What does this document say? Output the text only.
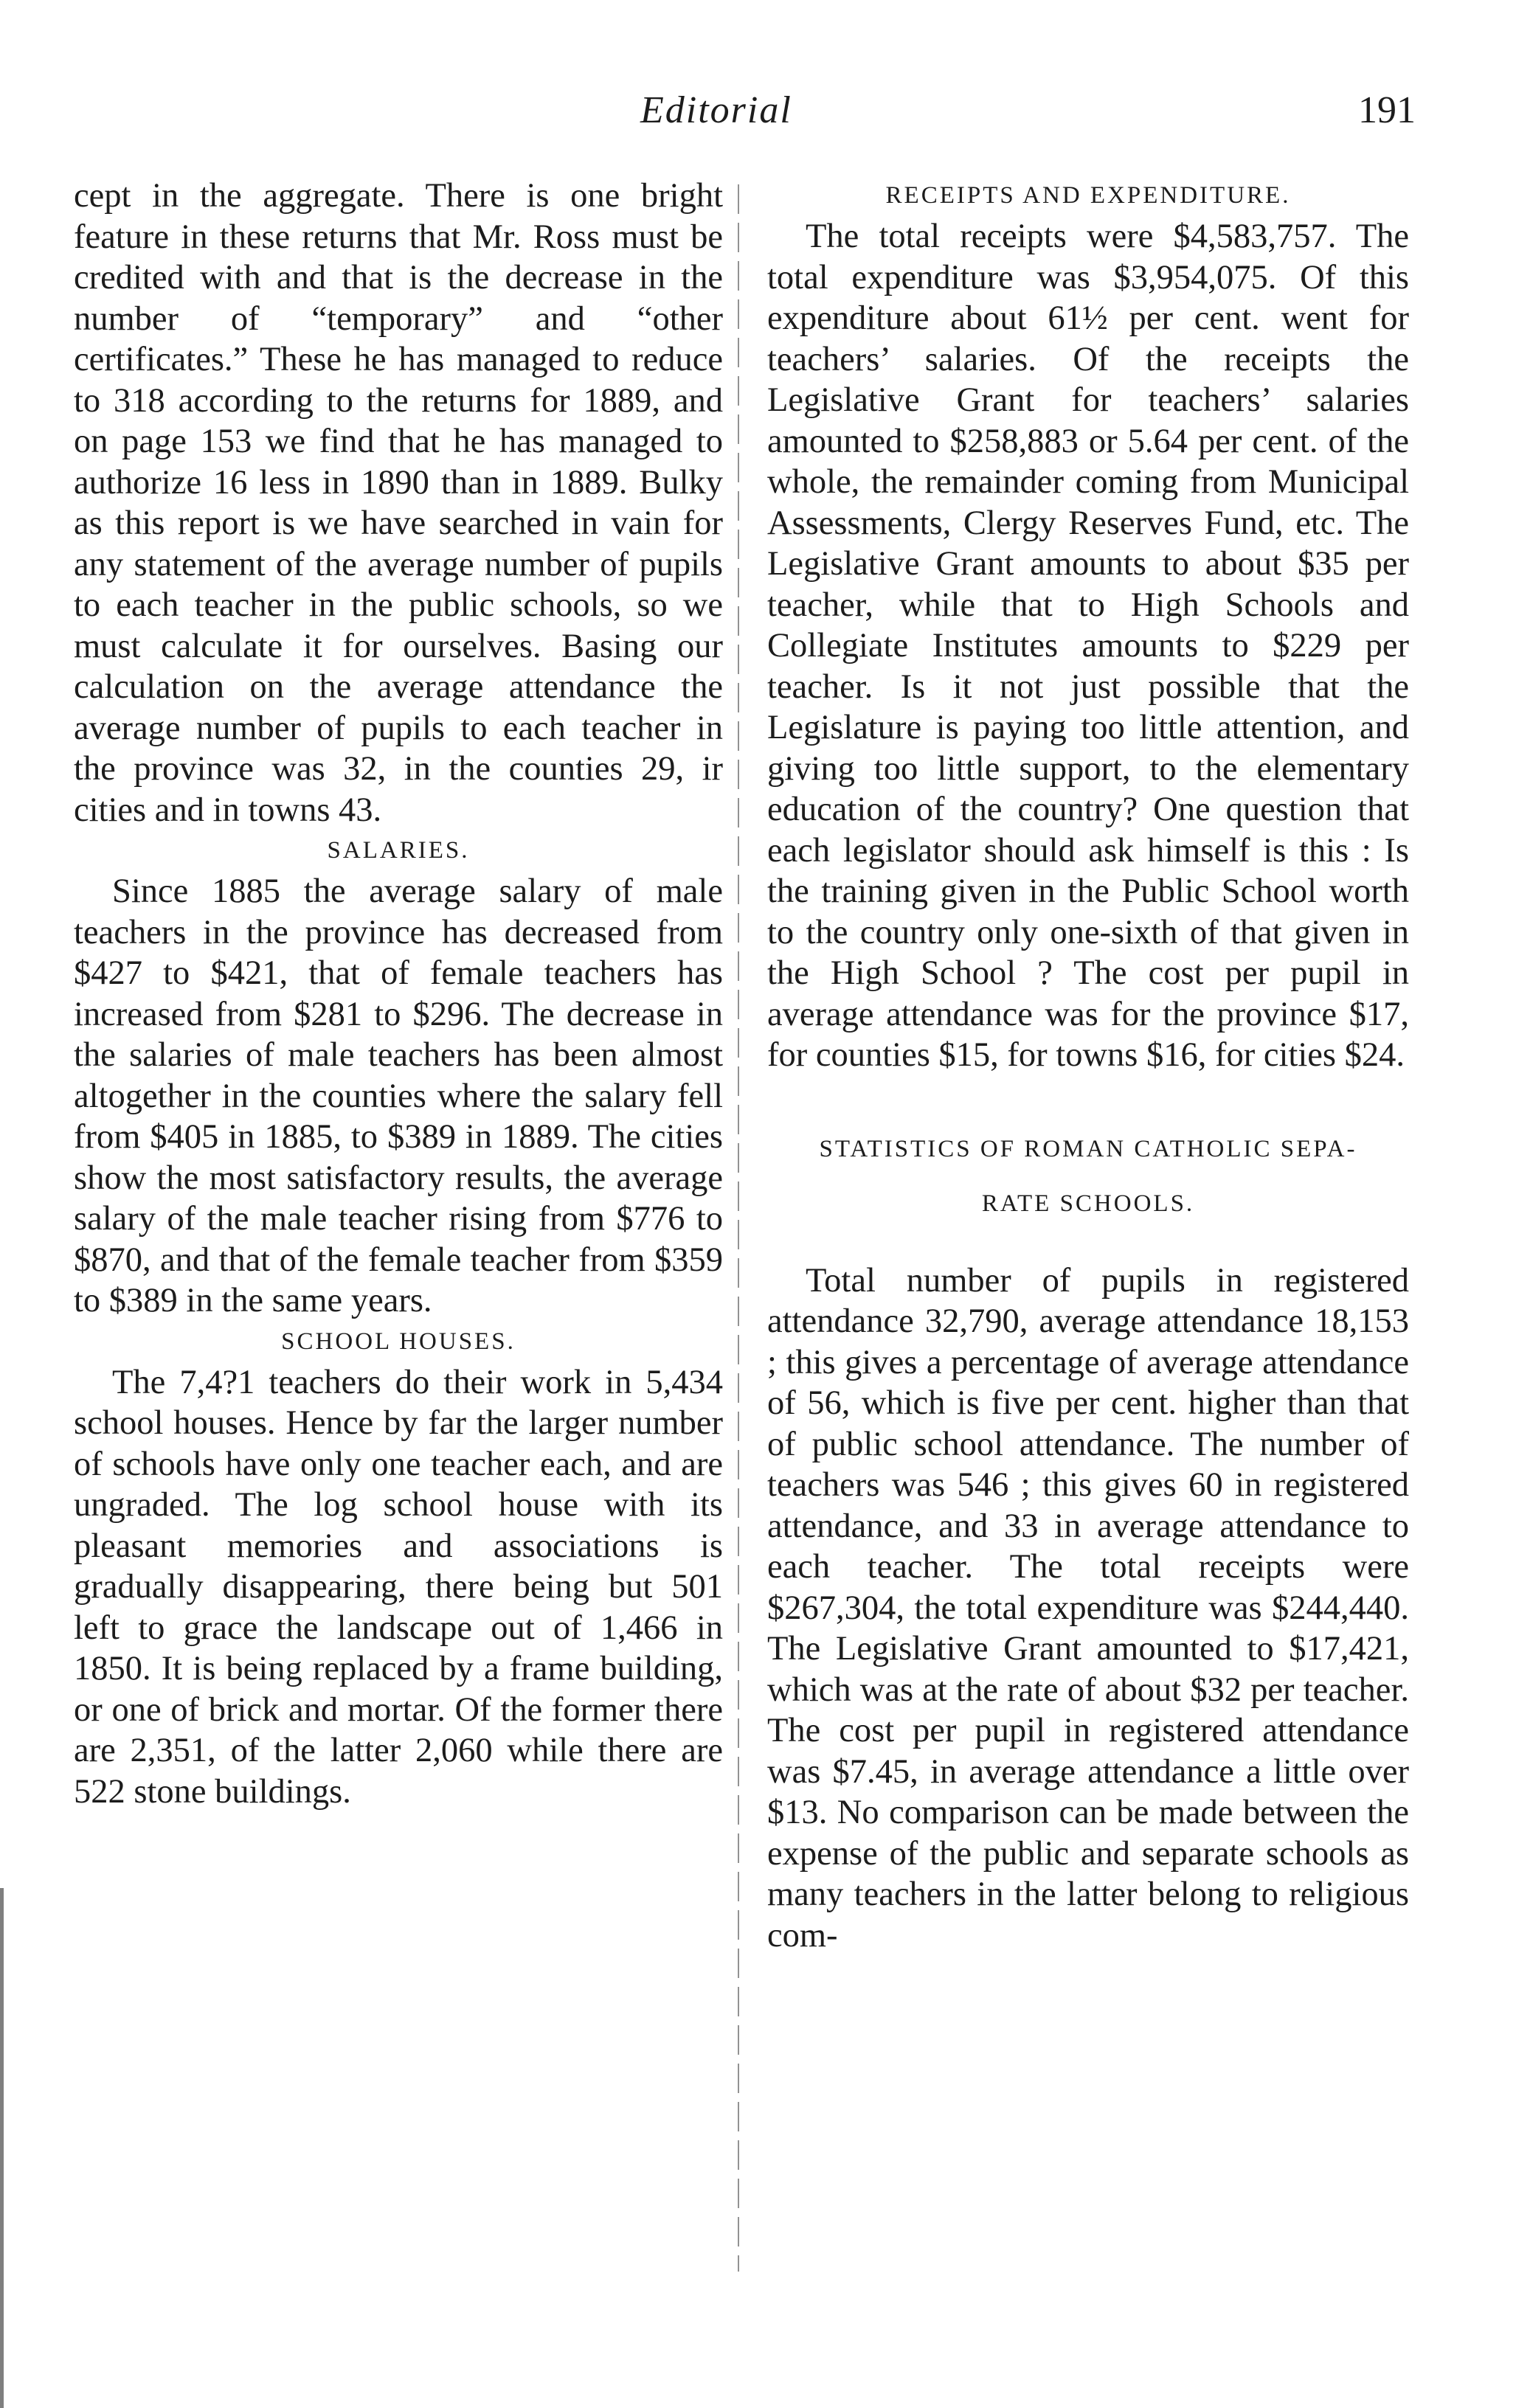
Editorial	191

cept in the aggregate. There is one bright feature in these returns that Mr. Ross must be credited with and that is the decrease in the number of “temporary” and “other certificates.” These he has managed to reduce to 318 according to the returns for 1889, and on page 153 we find that he has managed to authorize 16 less in 1890 than in 1889. Bulky as this report is we have searched in vain for any statement of the average number of pupils to each teacher in the public schools, so we must calculate it for ourselves. Basing our calculation on the average attendance the average number of pupils to each teacher in the province was 32, in the counties 29, ir cities and in towns 43.

SALARIES.

Since 1885 the average salary of male teachers in the province has decreased from $427 to $421, that of female teachers has increased from $281 to $296. The decrease in the salaries of male teachers has been almost altogether in the counties where the salary fell from $405 in 1885, to $389 in 1889. The cities show the most satisfactory results, the average salary of the male teacher rising from $776 to $870, and that of the female teacher from $359 to $389 in the same years.

SCHOOL HOUSES.

The 7,4?1 teachers do their work in 5,434 school houses. Hence by far the larger number of schools have only one teacher each, and are ungraded. The log school house with its pleasant memories and associations is gradually disappearing, there being but 501 left to grace the landscape out of 1,466 in 1850. It is being replaced by a frame building, or one of brick and mortar. Of the former there are 2,351, of the latter 2,060 while there are 522 stone buildings.

RECEIPTS AND EXPENDITURE.

The total receipts were $4,583,757. The total expenditure was $3,954,075. Of this expenditure about 61½ per cent. went for teachers’ salaries. Of the receipts the Legislative Grant for teachers’ salaries amounted to $258,883 or 5.64 per cent. of the whole, the remainder coming from Municipal Assessments, Clergy Reserves Fund, etc. The Legislative Grant amounts to about $35 per teacher, while that to High Schools and Collegiate Institutes amounts to $229 per teacher. Is it not just possible that the Legislature is paying too little attention, and giving too little support, to the elementary education of the country? One question that each legislator should ask himself is this : Is the training given in the Public School worth to the country only one-sixth of that given in the High School ? The cost per pupil in average attendance was for the province $17, for counties $15, for towns $16, for cities $24.

STATISTICS OF ROMAN CATHOLIC SEPA-
RATE SCHOOLS.

Total number of pupils in registered attendance 32,790, average attendance 18,153 ; this gives a percentage of average attendance of 56, which is five per cent. higher than that of public school attendance. The number of teachers was 546 ; this gives 60 in registered attendance, and 33 in average attendance to each teacher. The total receipts were $267,304, the total expenditure was $244,440. The Legislative Grant amounted to $17,421, which was at the rate of about $32 per teacher. The cost per pupil in registered attendance was $7.45, in average attendance a little over $13. No comparison can be made between the expense of the public and separate schools as many teachers in the latter belong to religious com-
